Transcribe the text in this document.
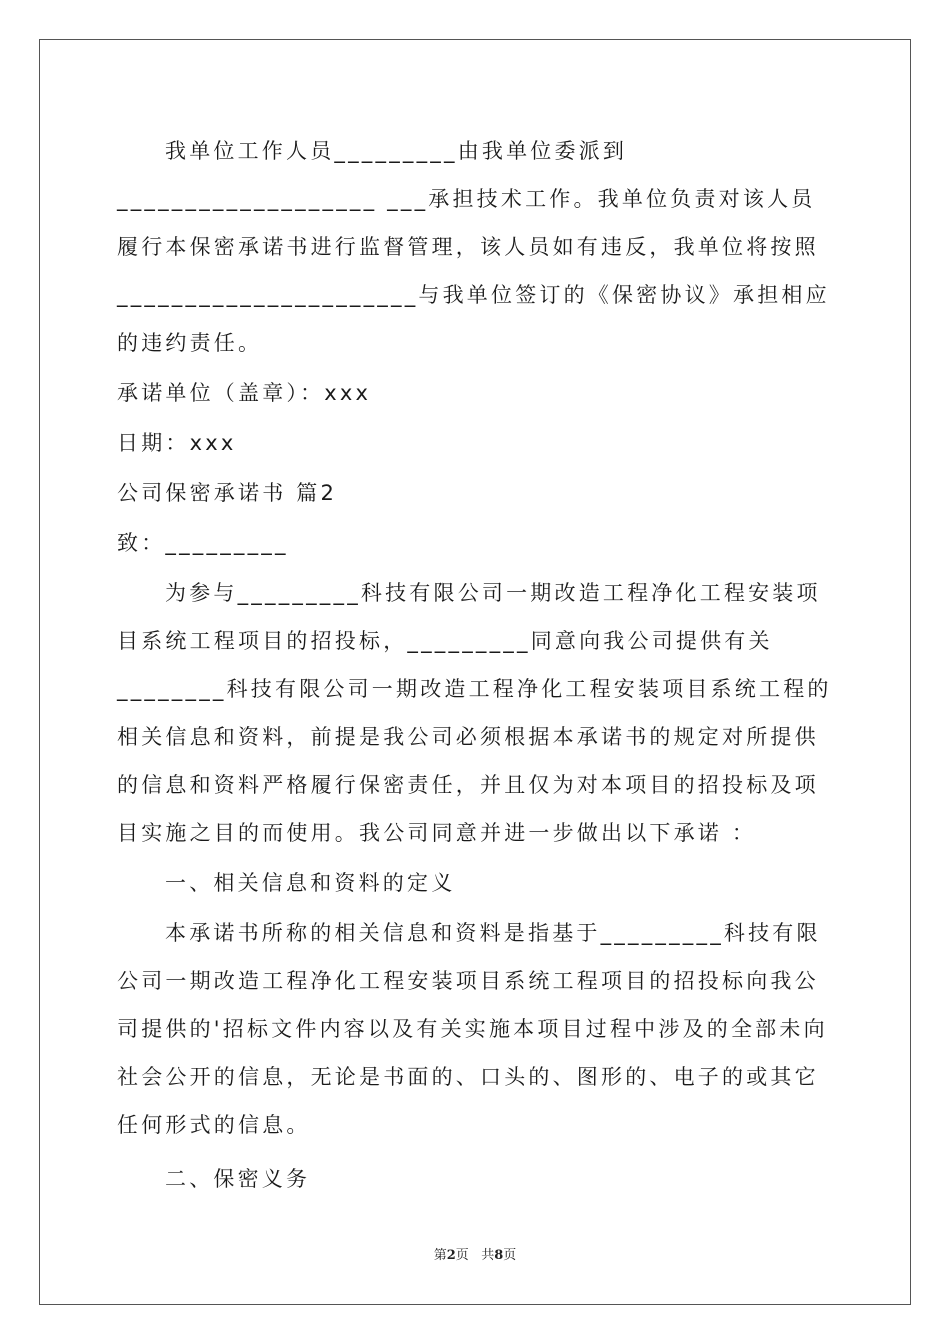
我单位工作人员_________由我单位委派到___________________ ___承担技术工作。我单位负责对该人员履行本保密承诺书进行监督管理，该人员如有违反，我单位将按照______________________与我单位签订的《保密协议》承担相应的违约责任。

承诺单位（盖章）：xxx

日期：xxx

公司保密承诺书 篇2

致：_________

为参与_________科技有限公司一期改造工程净化工程安装项目系统工程项目的招投标，_________同意向我公司提供有关________科技有限公司一期改造工程净化工程安装项目系统工程的相关信息和资料，前提是我公司必须根据本承诺书的规定对所提供的信息和资料严格履行保密责任，并且仅为对本项目的招投标及项目实施之目的而使用。我公司同意并进一步做出以下承诺 ：

一、相关信息和资料的定义

本承诺书所称的相关信息和资料是指基于_________科技有限公司一期改造工程净化工程安装项目系统工程项目的招投标向我公司提供的'招标文件内容以及有关实施本项目过程中涉及的全部未向社会公开的信息，无论是书面的、口头的、图形的、电子的或其它任何形式的信息。

二、保密义务

第2页 共8页
